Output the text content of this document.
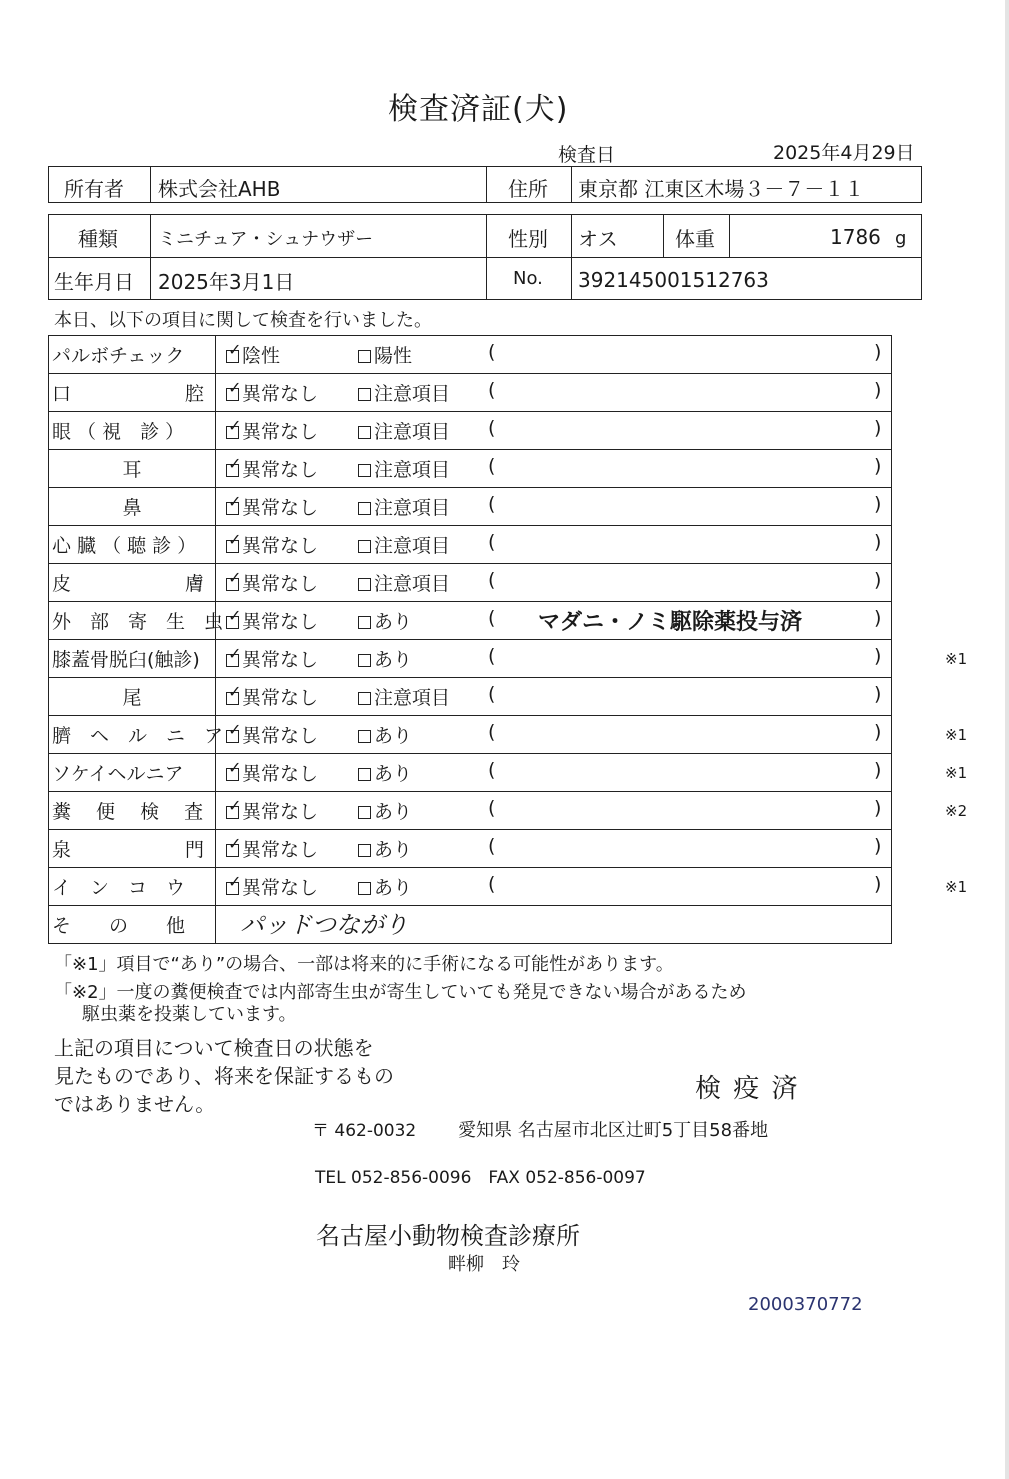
検査済証(犬)
検査日	2025年4月29日
所有者 株式会社AHB	住所 東京都 江東区木場３－７－１１
種類 ミニチュア・シュナウザー	性別 オス	体重	1786 g
生年月日 2025年3月1日	No. 392145001512763
本日、以下の項目に関して検査を行いました。
パルボチェック	✓ 陰性	陽性	(	)
口　　　　　　腔	✓ 異常なし	注意項目 (	)
眼 （ 視　診 ）	✓ 異常なし	注意項目 (	)
耳	✓ 異常なし	注意項目 (	)
鼻	✓ 異常なし	注意項目 (	)
心 臓 （ 聴 診 ）	✓ 異常なし	注意項目 (	)
皮　　　　　　膚	✓ 異常なし	注意項目 (	)
外　部　寄　生　虫 ✓ 異常なし	あり	( マダニ・ノミ駆除薬投与済	)
膝蓋骨脱臼(触診)	✓ 異常なし	あり	(	)	※1
尾	✓ 異常なし	注意項目 (	)
臍　ヘ　ル　ニ　ア ✓ 異常なし	あり	(	)	※1
ソケイヘルニア	✓ 異常なし	あり	(	)	※1
糞　 便　 検　 査	✓ 異常なし	あり	(	)	※2
泉　　　　　　門	✓ 異常なし	あり	(	)
イ　ン　コ　ウ	✓ 異常なし	あり	(	)	※1
そ　　の　　他 パッドつながり
「※1」項目で“あり”の場合、一部は将来的に手術になる可能性があります。
「※2」一度の糞便検査では内部寄生虫が寄生していても発見できない場合があるため
駆虫薬を投薬しています。
上記の項目について検査日の状態を
見たものであり、将来を保証するもの
ではありません。	検 疫 済
〒 462-0032 愛知県 名古屋市北区辻町5丁目58番地
TEL 052-856-0096　FAX 052-856-0097
名古屋小動物検査診療所
畔柳　玲
2000370772
